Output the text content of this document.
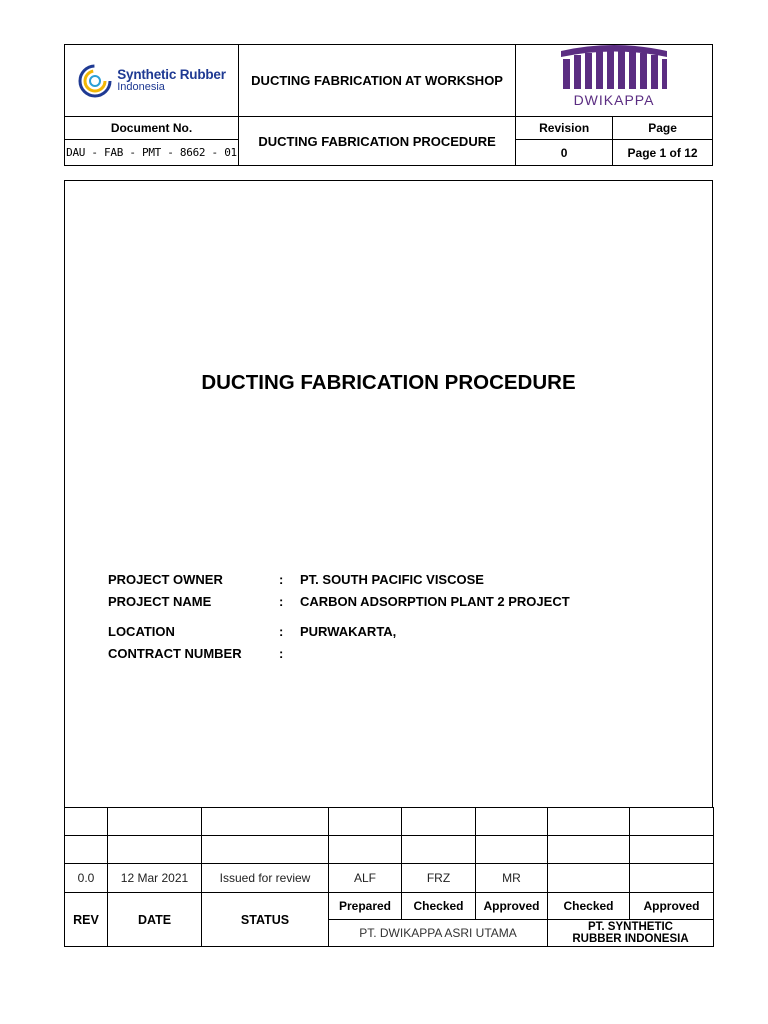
Synthetic Rubber
Indonesia	DUCTING FABRICATION AT WORKSHOP	DWIKAPPA	

Document No.	DUCTING FABRICATION PROCEDURE	Revision	Page
DAU - FAB - PMT - 8662 - 01		0	Page 1 of 12
DUCTING FABRICATION PROCEDURE
PROJECT OWNER	: PT. SOUTH PACIFIC VISCOSE
PROJECT NAME	: CARBON ADSORPTION PLANT 2 PROJECT
LOCATION	: PURWAKARTA,
CONTRACT NUMBER	:

0.0	12 Mar 2021	Issued for review	ALF	FRZ	MR		
REV	DATE	STATUS	Prepared	Checked	Approved	Checked	Approved
			PT. DWIKAPPA ASRI UTAMA			PT. SYNTHETIC
RUBBER INDONESIA	
